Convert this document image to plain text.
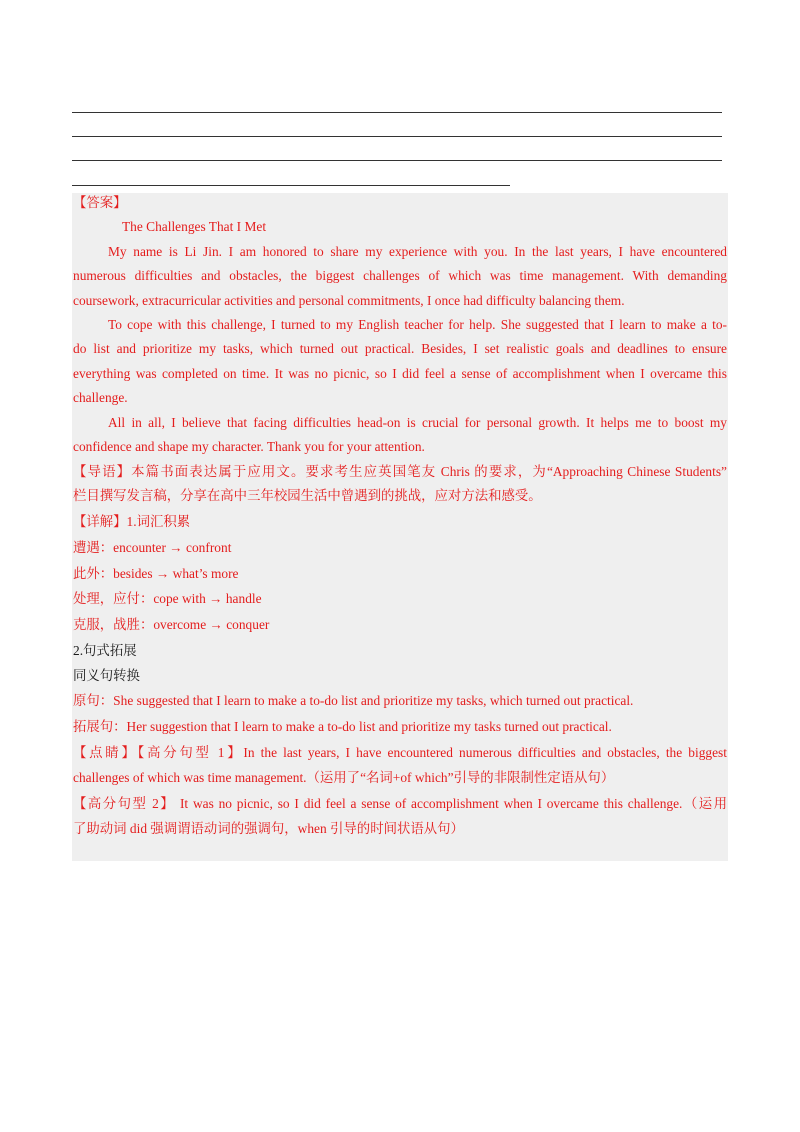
【答案】
The Challenges That I Met
My name is Li Jin. I am honored to share my experience with you. In the last years, I have encountered
numerous difficulties and obstacles, the biggest challenges of which was time management. With demanding
coursework, extracurricular activities and personal commitments, I once had difficulty balancing them.
To cope with this challenge, I turned to my English teacher for help. She suggested that I learn to make a to-
do list and prioritize my tasks, which turned out practical. Besides, I set realistic goals and deadlines to ensure
everything was completed on time. It was no picnic, so I did feel a sense of accomplishment when I overcame this
challenge.
All in all, I believe that facing difficulties head-on is crucial for personal growth. It helps me to boost my
confidence and shape my character. Thank you for your attention.
【导语】本篇书面表达属于应用文。要求考生应英国笔友 Chris 的要求，为“Approaching Chinese Students”
栏目撰写发言稿，分享在高中三年校园生活中曾遇到的挑战，应对方法和感受。
【详解】1.词汇积累
遭遇：encounter → confront
此外：besides → what’s more
处理，应付：cope with → handle
克服，战胜：overcome → conquer
2.句式拓展
同义句转换
原句：She suggested that I learn to make a to-do list and prioritize my tasks, which turned out practical.
拓展句：Her suggestion that I learn to make a to-do list and prioritize my tasks turned out practical.
【点睛】【高分句型 1】In the last years, I have encountered numerous difficulties and obstacles, the biggest
challenges of which was time management.（运用了“名词+of which”引导的非限制性定语从句）
【高分句型 2】 It was no picnic, so I did feel a sense of accomplishment when I overcame this challenge.（运用
了助动词 did 强调谓语动词的强调句，when 引导的时间状语从句）
